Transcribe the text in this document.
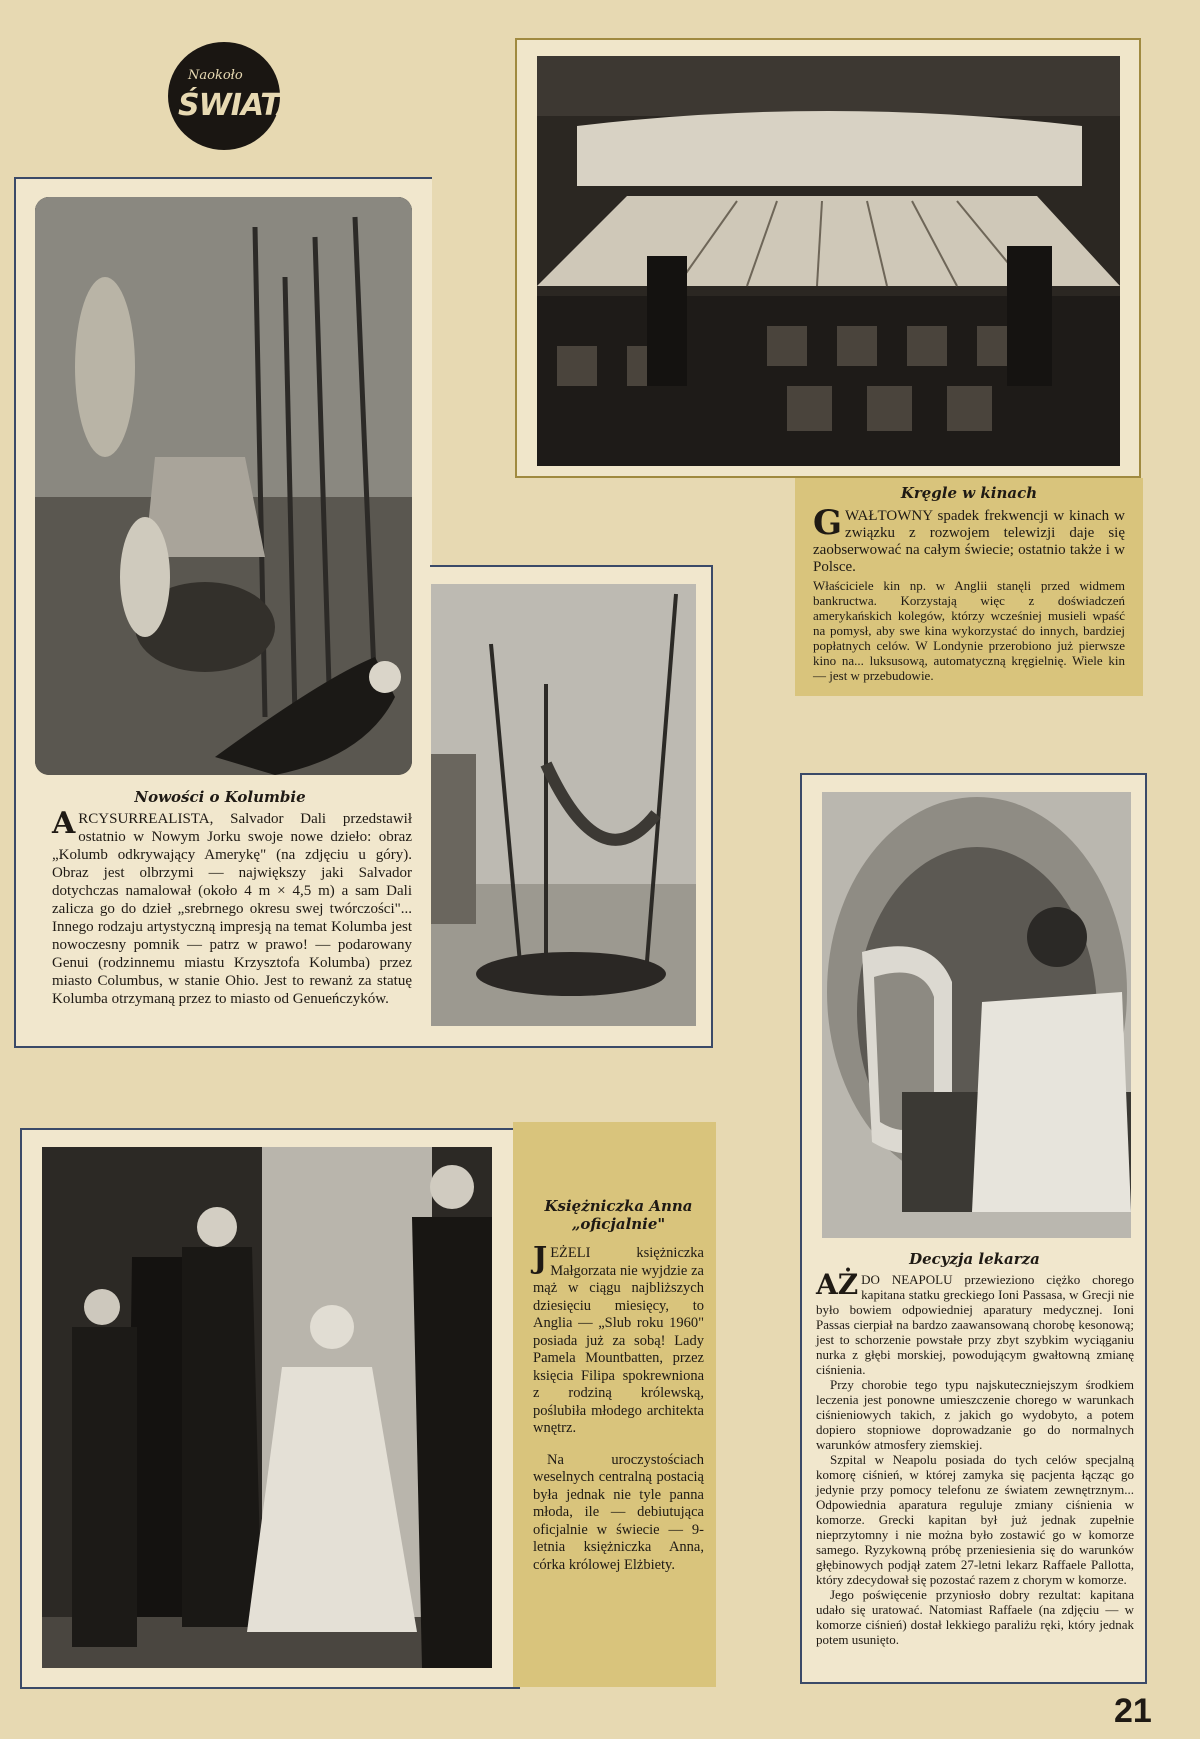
Naokoło
ŚWIATA
Kręgle w kinach
G WAŁTOWNY spadek frekwencji w kinach w związku z rozwojem telewizji daje się zaobserwować na całym świecie; ostatnio także i w Polsce.

Właściciele kin np. w Anglii stanęli przed widmem bankructwa. Korzystają więc z doświadczeń amerykańskich kolegów, którzy wcześniej musieli wpaść na pomysł, aby swe kina wykorzystać do innych, bardziej popłatnych celów. W Londynie przerobiono już pierwsze kino na... luksusową, automatyczną kręgielnię. Wiele kin — jest w przebudowie.

Nowości o Kolumbie
A RCYSURREALISTA, Salvador Dali przedstawił ostatnio w Nowym Jorku swoje nowe dzieło: obraz „Kolumb odkrywający Amerykę" (na zdjęciu u góry). Obraz jest olbrzymi — największy jaki Salvador dotychczas namalował (około 4 m × 4,5 m) a sam Dali zalicza go do dzieł „srebrnego okresu swej twórczości"... Innego rodzaju artystyczną impresją na temat Kolumba jest nowoczesny pomnik — patrz w prawo! — podarowany Genui (rodzinnemu miastu Krzysztofa Kolumba) przez miasto Columbus, w stanie Ohio. Jest to rewanż za statuę Kolumba otrzymaną przez to miasto od Genueńczyków.
Decyzja lekarza

AŻ DO NEAPOLU przewieziono ciężko chorego kapitana statku greckiego Ioni Passasa, w Grecji nie było bowiem odpowiedniej aparatury medycznej. Ioni Passas cierpiał na bardzo zaawansowaną chorobę kesonową; jest to schorzenie powstałe przy zbyt szybkim wyciąganiu nurka z głębi morskiej, powodującym gwałtowną zmianę ciśnienia.

Przy chorobie tego typu najskuteczniejszym środkiem leczenia jest ponowne umieszczenie chorego w warunkach ciśnieniowych takich, z jakich go wydobyto, a potem dopiero stopniowe doprowadzanie go do normalnych warunków atmosfery ziemskiej.

Szpital w Neapolu posiada do tych celów specjalną komorę ciśnień, w której zamyka się pacjenta łącząc go jedynie przy pomocy telefonu ze światem zewnętrznym... Odpowiednia aparatura reguluje zmiany ciśnienia w komorze. Grecki kapitan był już jednak zupełnie nieprzytomny i nie można było zostawić go w komorze samego. Ryzykowną próbę przeniesienia się do warunków głębinowych podjął zatem 27-letni lekarz Raffaele Pallotta, który zdecydował się pozostać razem z chorym w komorze.

Jego poświęcenie przyniosło dobry rezultat: kapitana udało się uratować. Natomiast Raffaele (na zdjęciu — w komorze ciśnień) dostał lekkiego paraliżu ręki, który jednak potem usunięto.

Księżniczka Anna
„oficjalnie"
J EŻELI księżniczka Małgorzata nie wyjdzie za mąż w ciągu najbliższych dziesięciu miesięcy, to Anglia — „Slub roku 1960" posiada już za sobą! Lady Pamela Mountbatten, przez księcia Filipa spokrewniona z rodziną królewską, poślubiła młodego architekta wnętrz.

Na uroczystościach weselnych centralną postacią była jednak nie tyle panna młoda, ile — debiutująca oficjalnie w świecie — 9-letnia księżniczka Anna, córka królowej Elżbiety.

21
